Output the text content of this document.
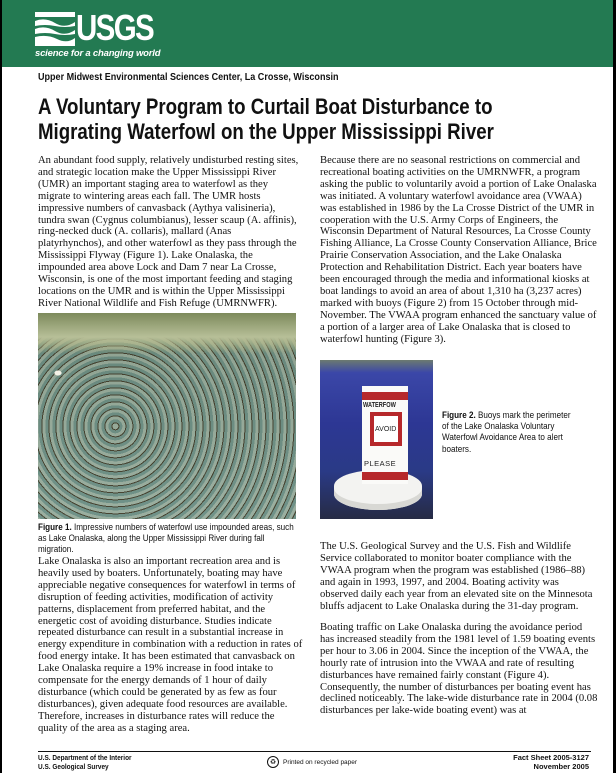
USGS
science for a changing world
Upper Midwest Environmental Sciences Center, La Crosse, Wisconsin
A Voluntary Program to Curtail Boat Disturbance to
Migrating Waterfowl on the Upper Mississippi River

An abundant food supply, relatively undisturbed resting sites, and strategic location make the Upper Mississippi River (UMR) an important staging area to waterfowl as they migrate to wintering areas each fall. The UMR hosts impressive numbers of canvasback (Aythya valisineria), tundra swan (Cygnus columbianus), lesser scaup (A. affinis), ring-necked duck (A. collaris), mallard (Anas platyrhynchos), and other waterfowl as they pass through the Mississippi Flyway (Figure 1). Lake Onalaska, the impounded area above Lock and Dam 7 near La Crosse, Wisconsin, is one of the most important feeding and staging locations on the UMR and is within the Upper Mississippi River National Wildlife and Fish Refuge (UMRNWFR).

Because there are no seasonal restrictions on commercial and recreational boating activities on the UMRNWFR, a program asking the public to voluntarily avoid a portion of Lake Onalaska was initiated. A voluntary waterfowl avoidance area (VWAA) was established in 1986 by the La Crosse District of the UMR in cooperation with the U.S. Army Corps of Engineers, the Wisconsin Department of Natural Resources, La Crosse County Fishing Alliance, La Crosse County Conservation Alliance, Brice Prairie Conservation Association, and the Lake Onalaska Protection and Rehabilitation District. Each year boaters have been encouraged through the media and informational kiosks at boat landings to avoid an area of about 1,310 ha (3,237 acres) marked with buoys (Figure 2) from 15 October through mid-November. The VWAA program enhanced the sanctuary value of a portion of a larger area of Lake Onalaska that is closed to waterfowl hunting (Figure 3).

Figure 1. Impressive numbers of waterfowl use impounded areas, such as Lake Onalaska, along the Upper Mississippi River during fall migration.
WATERFOW
AVOID
PLEASE
Figure 2. Buoys mark the perimeter of the Lake Onalaska Voluntary Waterfowl Avoidance Area to alert boaters.

Lake Onalaska is also an important recreation area and is heavily used by boaters. Unfortunately, boating may have appreciable negative consequences for waterfowl in terms of disruption of feeding activities, modification of activity patterns, displacement from preferred habitat, and the energetic cost of avoiding disturbance. Studies indicate repeated disturbance can result in a substantial increase in energy expenditure in combination with a reduction in rates of food energy intake. It has been estimated that canvasback on Lake Onalaska require a 19% increase in food intake to compensate for the energy demands of 1 hour of daily disturbance (which could be generated by as few as four disturbances), given adequate food resources are available. Therefore, increases in disturbance rates will reduce the quality of the area as a staging area.

The U.S. Geological Survey and the U.S. Fish and Wildlife Service collaborated to monitor boater compliance with the VWAA program when the program was established (1986–88) and again in 1993, 1997, and 2004. Boating activity was observed daily each year from an elevated site on the Minnesota bluffs adjacent to Lake Onalaska during the 31-day program.

Boating traffic on Lake Onalaska during the avoidance period has increased steadily from the 1981 level of 1.59 boating events per hour to 3.06 in 2004. Since the inception of the VWAA, the hourly rate of intrusion into the VWAA and rate of resulting disturbances have remained fairly constant (Figure 4). Consequently, the number of disturbances per boating event has declined noticeably. The lake-wide disturbance rate in 2004 (0.08 disturbances per lake-wide boating event) was at

U.S. Department of the Interior
U.S. Geological Survey	♻	Printed on recycled paper	Fact Sheet 2005-3127
November 2005
